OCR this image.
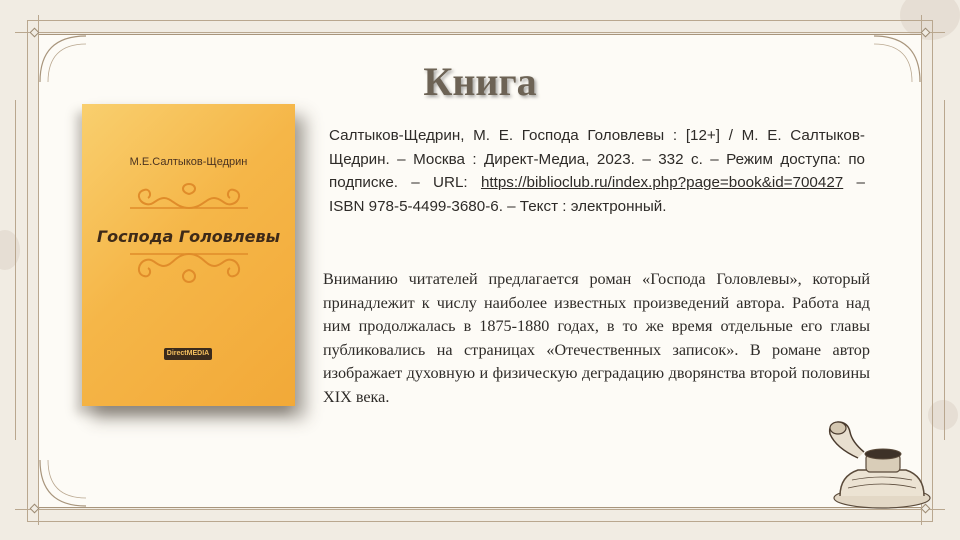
Книга
М.Е.Салтыков-Щедрин
Господа Головлевы
DirectMEDIA
Салтыков-Щедрин, М. Е. Господа Головлевы : [12+] / М. Е. Салтыков-Щедрин. – Москва : Директ-Медиа, 2023. – 332 с. – Режим доступа: по подписке. – URL: https://biblioclub.ru/index.php?page=book&id=700427 – ISBN 978-5-4499-3680-6. – Текст : электронный.
Вниманию читателей предлагается роман «Господа Головлевы», который принадлежит к числу наиболее известных произведений автора. Работа над ним продолжалась в 1875-1880 годах, в то же время отдельные его главы публиковались на страницах «Отечественных записок». В романе автор изображает духовную и физическую деградацию дворянства второй половины XIX века.
